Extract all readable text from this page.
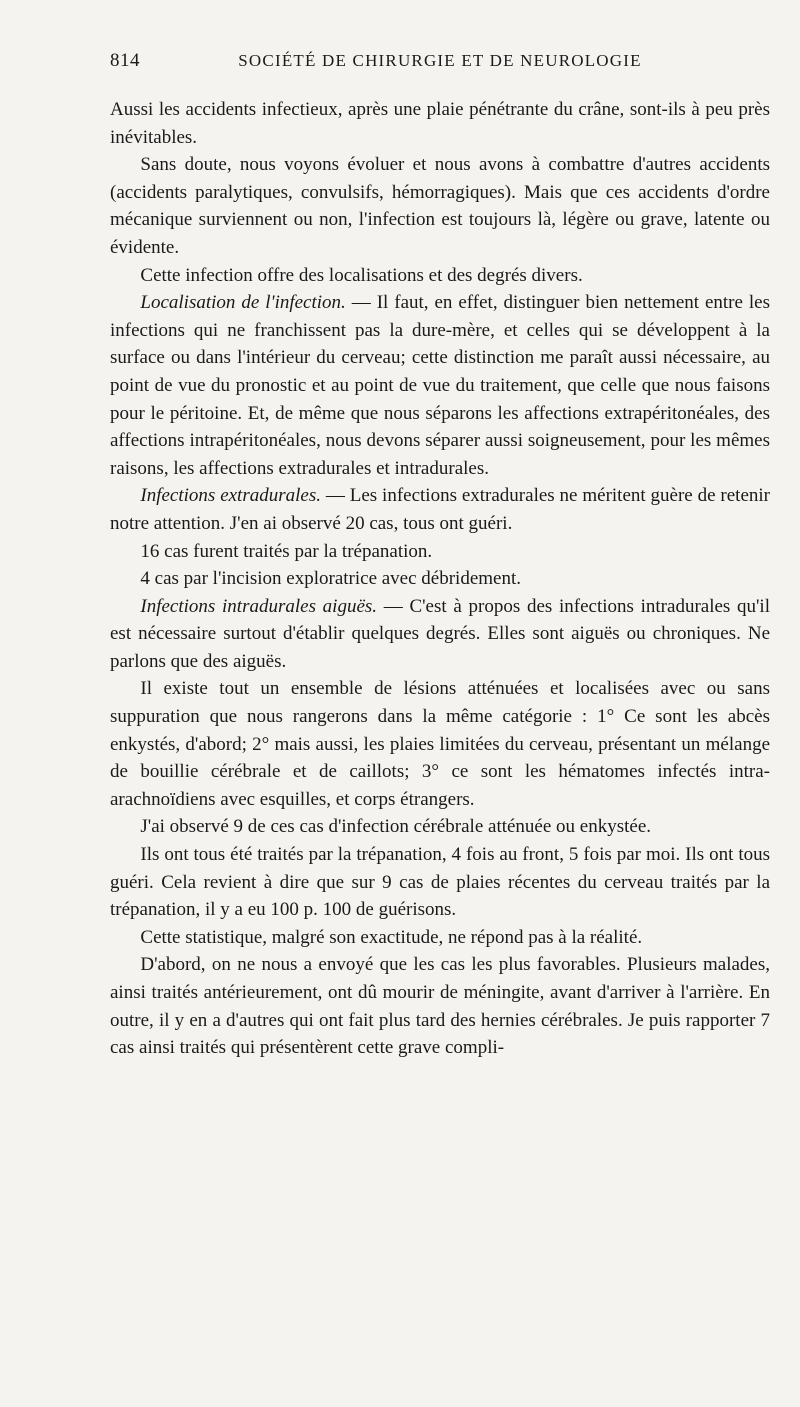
814	SOCIÉTÉ DE CHIRURGIE ET DE NEUROLOGIE

Aussi les accidents infectieux, après une plaie pénétrante du crâne, sont-ils à peu près inévitables.

Sans doute, nous voyons évoluer et nous avons à combattre d'autres accidents (accidents paralytiques, convulsifs, hémorragiques). Mais que ces accidents d'ordre mécanique surviennent ou non, l'infection est toujours là, légère ou grave, latente ou évidente.

Cette infection offre des localisations et des degrés divers.

Localisation de l'infection. — Il faut, en effet, distinguer bien nettement entre les infections qui ne franchissent pas la dure-mère, et celles qui se développent à la surface ou dans l'intérieur du cerveau; cette distinction me paraît aussi nécessaire, au point de vue du pronostic et au point de vue du traitement, que celle que nous faisons pour le péritoine. Et, de même que nous séparons les affections extrapéritonéales, des affections intrapéritonéales, nous devons séparer aussi soigneusement, pour les mêmes raisons, les affections extradurales et intradurales.

Infections extradurales. — Les infections extradurales ne méritent guère de retenir notre attention. J'en ai observé 20 cas, tous ont guéri.

16 cas furent traités par la trépanation.

4 cas par l'incision exploratrice avec débridement.

Infections intradurales aiguës. — C'est à propos des infections intradurales qu'il est nécessaire surtout d'établir quelques degrés. Elles sont aiguës ou chroniques. Ne parlons que des aiguës.

Il existe tout un ensemble de lésions atténuées et localisées avec ou sans suppuration que nous rangerons dans la même catégorie : 1° Ce sont les abcès enkystés, d'abord; 2° mais aussi, les plaies limitées du cerveau, présentant un mélange de bouillie cérébrale et de caillots; 3° ce sont les hématomes infectés intra-arachnoïdiens avec esquilles, et corps étrangers.

J'ai observé 9 de ces cas d'infection cérébrale atténuée ou enkystée.

Ils ont tous été traités par la trépanation, 4 fois au front, 5 fois par moi. Ils ont tous guéri. Cela revient à dire que sur 9 cas de plaies récentes du cerveau traités par la trépanation, il y a eu 100 p. 100 de guérisons.

Cette statistique, malgré son exactitude, ne répond pas à la réalité.

D'abord, on ne nous a envoyé que les cas les plus favorables. Plusieurs malades, ainsi traités antérieurement, ont dû mourir de méningite, avant d'arriver à l'arrière. En outre, il y en a d'autres qui ont fait plus tard des hernies cérébrales. Je puis rapporter 7 cas ainsi traités qui présentèrent cette grave compli-
